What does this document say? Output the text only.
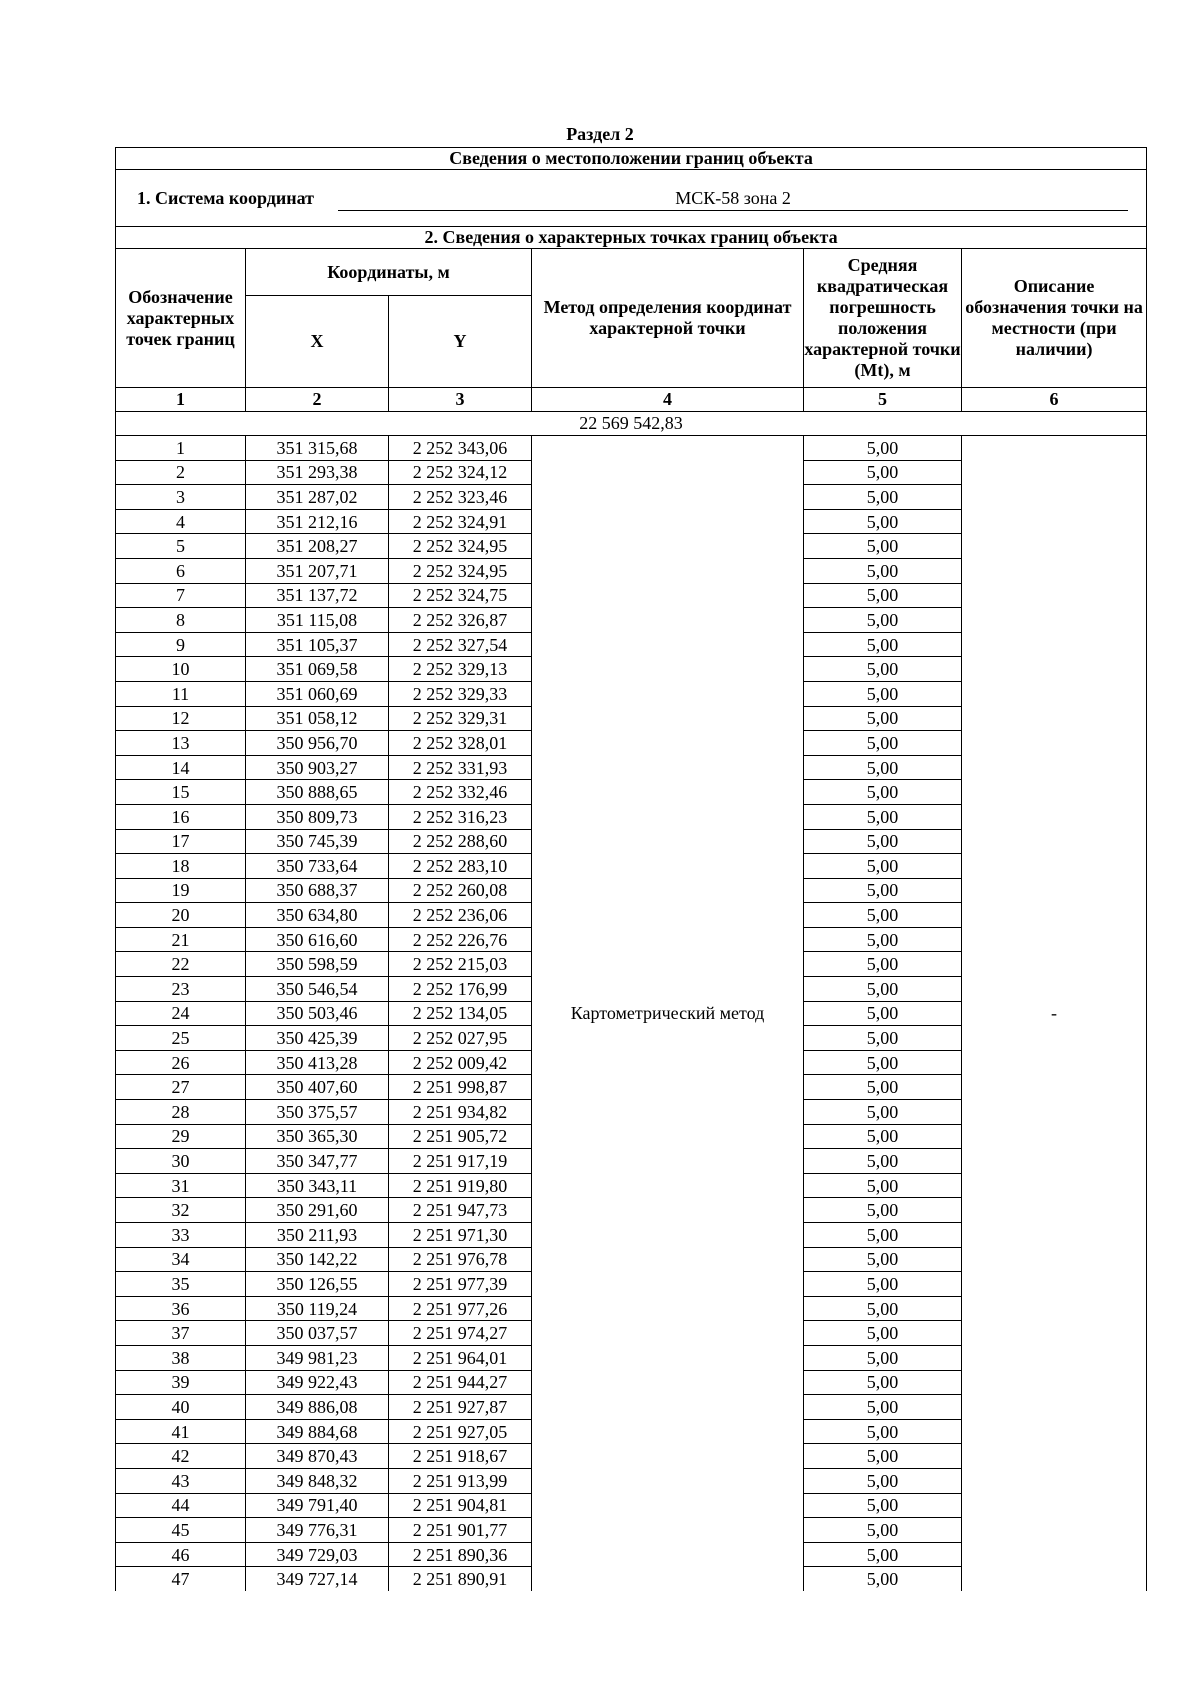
Раздел 2
Сведения о местоположении границ объекта					
1. Система координат МСК-58 зона 2					
2. Сведения о характерных точках границ объекта					
Обозначение характерных точек границ	Координаты, м		Метод определения координат характерной точки	Средняя квадратическая погрешность положения характерной точки (Mt), м	Описание обозначения точки на местности (при наличии)
	X	Y			
1	2	3	4	5	6
22 569 542,83					
1	351 315,68	2 252 343,06	Картометрический метод	5,00	-
2	351 293,38	2 252 324,12		5,00	
3	351 287,02	2 252 323,46		5,00	
4	351 212,16	2 252 324,91		5,00	
5	351 208,27	2 252 324,95		5,00	
6	351 207,71	2 252 324,95		5,00	
7	351 137,72	2 252 324,75		5,00	
8	351 115,08	2 252 326,87		5,00	
9	351 105,37	2 252 327,54		5,00	
10	351 069,58	2 252 329,13		5,00	
11	351 060,69	2 252 329,33		5,00	
12	351 058,12	2 252 329,31		5,00	
13	350 956,70	2 252 328,01		5,00	
14	350 903,27	2 252 331,93		5,00	
15	350 888,65	2 252 332,46		5,00	
16	350 809,73	2 252 316,23		5,00	
17	350 745,39	2 252 288,60		5,00	
18	350 733,64	2 252 283,10		5,00	
19	350 688,37	2 252 260,08		5,00	
20	350 634,80	2 252 236,06		5,00	
21	350 616,60	2 252 226,76		5,00	
22	350 598,59	2 252 215,03		5,00	
23	350 546,54	2 252 176,99		5,00	
24	350 503,46	2 252 134,05		5,00	
25	350 425,39	2 252 027,95		5,00	
26	350 413,28	2 252 009,42		5,00	
27	350 407,60	2 251 998,87		5,00	
28	350 375,57	2 251 934,82		5,00	
29	350 365,30	2 251 905,72		5,00	
30	350 347,77	2 251 917,19		5,00	
31	350 343,11	2 251 919,80		5,00	
32	350 291,60	2 251 947,73		5,00	
33	350 211,93	2 251 971,30		5,00	
34	350 142,22	2 251 976,78		5,00	
35	350 126,55	2 251 977,39		5,00	
36	350 119,24	2 251 977,26		5,00	
37	350 037,57	2 251 974,27		5,00	
38	349 981,23	2 251 964,01		5,00	
39	349 922,43	2 251 944,27		5,00	
40	349 886,08	2 251 927,87		5,00	
41	349 884,68	2 251 927,05		5,00	
42	349 870,43	2 251 918,67		5,00	
43	349 848,32	2 251 913,99		5,00	
44	349 791,40	2 251 904,81		5,00	
45	349 776,31	2 251 901,77		5,00	
46	349 729,03	2 251 890,36		5,00	
47	349 727,14	2 251 890,91		5,00	
